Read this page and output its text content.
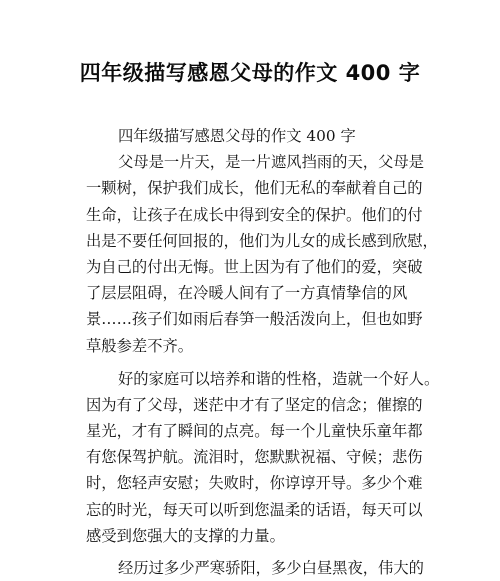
四年级描写感恩父母的作文 400 字
四年级描写感恩父母的作文 400 字
父母是一片天，是一片遮风挡雨的天，父母是
一颗树，保护我们成长，他们无私的奉献着自己的
生命，让孩子在成长中得到安全的保护。他们的付
出是不要任何回报的，他们为儿女的成长感到欣慰，
为自己的付出无悔。世上因为有了他们的爱，突破
了层层阻碍，在冷暖人间有了一方真情挚信的风
景……孩子们如雨后春笋一般活泼向上，但也如野
草般参差不齐。
好的家庭可以培养和谐的性格，造就一个好人。
因为有了父母，迷茫中才有了坚定的信念；催擦的
星光，才有了瞬间的点亮。每一个儿童快乐童年都
有您保驾护航。流泪时，您默默祝福、守候；悲伤
时，您轻声安慰；失败时，你谆谆开导。多少个难
忘的时光，每天可以听到您温柔的话语，每天可以
感受到您强大的支撑的力量。
经历过多少严寒骄阳，多少白昼黑夜，伟大的
